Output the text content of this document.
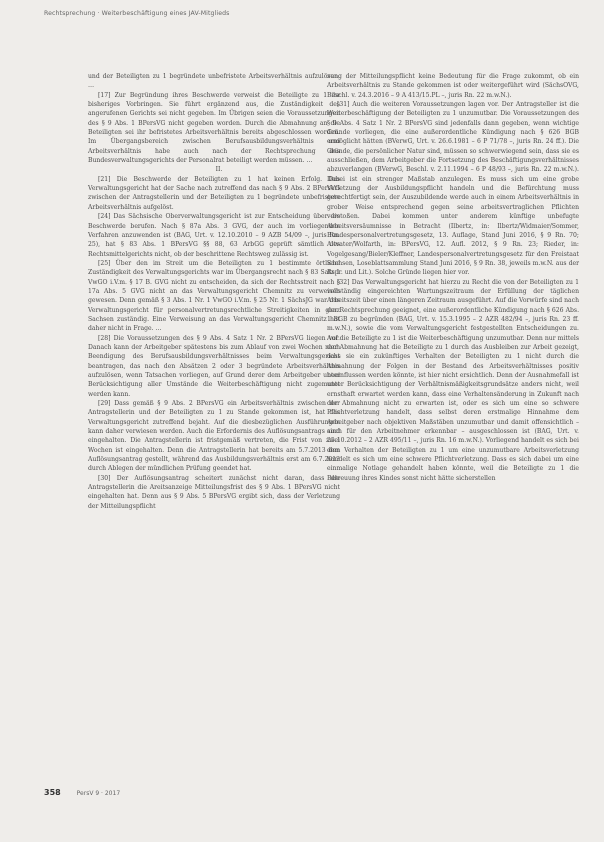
Rechtsprechung · Weiterbeschäftigung eines JAV-Mitglieds

und der Beteiligten zu 1 begründete unbefristete Arbeitsverhältnis aufzulösen. …

[17] Zur Begründung ihres Beschwerde verweist die Beteiligte zu 1 ihr bisheriges Vorbringen. Sie führt ergänzend aus, die Zuständigkeit des angerufenen Gerichts sei nicht gegeben. Im Übrigen seien die Voraussetzungen des § 9 Abs. 1 BPersVG nicht gegeben worden. Durch die Abmahnung an die Beteiligten sei ihr befristetes Arbeitsverhältnis bereits abgeschlossen worden. Im Übergangsbereich zwischen Berufsausbildungsverhältnis und Arbeitsverhältnis habe auch nach der Rechtsprechung des Bundesverwaltungsgerichts der Personalrat beteiligt werden müssen. …

II.

[21] Die Beschwerde der Beteiligten zu 1 hat keinen Erfolg. Das Verwaltungsgericht hat der Sache nach zutreffend das nach § 9 Abs. 2 BPersVG zwischen der Antragstellerin und der Beteiligten zu 1 begründete unbefristete Arbeitsverhältnis aufgelöst.

[24] Das Sächsische Oberverwaltungsgericht ist zur Entscheidung über die Beschwerde berufen. Nach § 87a Abs. 3 GVG, der auch im vorliegenden Verfahren anzuwenden ist (BAG, Urt. v. 12.10.2010 – 9 AZB 54/09 –, juris Rn. 25), hat § 83 Abs. 1 BPersVG §§ 88, 63 ArbGG geprüft sämtlich des Rechtsmittelgerichts nicht, ob der beschrittene Rechtsweg zulässig ist.

[25] Über den im Streit um die Beteiligten zu 1 bestimmte örtliche Zuständigkeit des Verwaltungsgerichts war im Übergangsrecht nach § 83 Satz 1 VwGO i.V.m. § 17 B. GVG nicht zu entscheiden, da sich der Rechtsstreit nach § 17a Abs. 5 GVG nicht an das Verwaltungsgericht Chemnitz zu verweisen gewesen. Denn gemäß § 3 Abs. 1 Nr. 1 VwGO i.V.m. § 25 Nr. 1 SächsJG war das Verwaltungsgericht für personalvertretungsrechtliche Streitigkeiten in ganz Sachsen zuständig. Eine Verweisung an das Verwaltungsgericht Chemnitz hat daher nicht in Frage. …

[28] Die Voraussetzungen des § 9 Abs. 4 Satz 1 Nr. 2 BPersVG liegen vor. Danach kann der Arbeitgeber spätestens bis zum Ablauf von zwei Wochen nach Beendigung des Berufsausbildungsverhältnisses beim Verwaltungsgericht beantragen, das nach den Absätzen 2 oder 3 begründete Arbeitsverhältnis aufzulösen, wenn Tatsachen vorliegen, auf Grund derer dem Arbeitgeber unter Berücksichtigung aller Umstände die Weiterbeschäftigung nicht zugemutet werden kann.

[29] Dass gemäß § 9 Abs. 2 BPersVG ein Arbeitsverhältnis zwischen der Antragstellerin und der Beteiligten zu 1 zu Stande gekommen ist, hat das Verwaltungsgericht zutreffend bejaht. Auf die diesbezüglichen Ausführungen kann daher verwiesen werden. Auch die Erfordernis des Auflösungsantrags sind eingehalten. Die Antragstellerin ist fristgemäß vertreten, die Frist von zwei Wochen ist eingehalten. Denn die Antragstellerin hat bereits am 5.7.2013 den Auflösungsantrag gestellt, während das Ausbildungsverhältnis erst am 6.7.2013 durch Ablegen der mündlichen Prüfung geendet hat.

[30] Der Auflösungsantrag scheitert zunächst nicht daran, dass die Antragstellerin die Areitsanzeige Mitteilungsfrist des § 9 Abs. 1 BPersVG nicht eingehalten hat. Denn aus § 9 Abs. 5 BPersVG ergibt sich, dass der Verletzung der Mitteilungspflicht

zung der Mitteilungspflicht keine Bedeutung für die Frage zukommt, ob ein Arbeitsverhältnis zu Stande gekommen ist oder weitergeführt wird (SächsOVG, Beschl. v. 24.3.2016 – 9 A 413/15.PL –, juris Rn. 22 m.w.N.).

[31] Auch die weiteren Voraussetzungen lagen vor. Der Antragsteller ist die Weiterbeschäftigung der Beteiligten zu 1 unzumutbar. Die Voraussetzungen des § 9 Abs. 4 Satz 1 Nr. 2 BPersVG sind jedenfalls dann gegeben, wenn wichtige Gründe vorliegen, die eine außerordentliche Kündigung nach § 626 BGB ermöglicht hätten (BVerwG, Urt. v. 26.6.1981 – 6 P 71/78 –, juris Rn. 24 ff.). Die Gründe, die persönlicher Natur sind, müssen so schwerwiegend sein, dass sie es ausschließen, dem Arbeitgeber die Fortsetzung des Beschäftigungsverhältnisses abzuverlangen (BVerwG, Beschl. v. 2.11.1994 – 6 P 48/93 –, juris Rn. 22 m.w.N.). Dabei ist ein strenger Maßstab anzulegen. Es muss sich um eine grobe Verletzung der Ausbildungspflicht handeln und die Befürchtung muss gerechtfertigt sein, der Auszubildende werde auch in einem Arbeitsverhältnis in grober Weise entsprechend gegen seine arbeitsvertraglichen Pflichten verstoßen. Dabei kommen unter anderem künftige unbefugte Arbeitsversäumnisse in Betracht (Ilbertz, in: Ilbertz/Widmaier/Sommer, Bundespersonalvertretungsgesetz, 13. Auflage, Stand Juni 2016, § 9 Rn. 70; Altvater/Wolfarth, in: BPersVG, 12. Aufl. 2012, § 9 Rn. 23; Rieder, in: Vogelgesang/Bieler/Kleffner, Landespersonalvertretungsgesetz für den Freistaat Sachsen, Loseblattsammlung Stand Juni 2016, § 9 Rn. 38, jeweils m.w.N. aus der Rspr. und Lit.). Solche Gründe liegen hier vor.

[32] Das Verwaltungsgericht hat hierzu zu Recht die von der Beteiligten zu 1 vollständig eingereichten Wartungszeitraum der Erfüllung der täglichen Arbeitszeit über einen längeren Zeitraum ausgeführt. Auf die Vorwürfe sind nach der Rechtsprechung geeignet, eine außerordentliche Kündigung nach § 626 Abs. 1 BGB zu begründen (BAG, Urt. v. 15.3.1995 – 2 AZR 482/94 –, juris Rn. 23 ff. m.w.N.), sowie die vom Verwaltungsgericht festgestellten Entscheidungen zu. Auf die Beteiligte zu 1 ist die Weiterbeschäftigung unzumutbar. Denn nur mittels der Abmahnung hat die Beteiligte zu 1 durch das Ausbleiben zur Arbeit gezeigt, dass sie ein zukünftiges Verhalten der Beteiligten zu 1 nicht durch die Abmahnung der Folgen in der Bestand des Arbeitsverhältnisses positiv beeinflussen werden könnte, ist hier nicht ersichtlich. Denn der Ausnahmefall ist unter Berücksichtigung der Verhältnismäßigkeitsgrundsätze anders nicht, weil ernsthaft erwartet werden kann, dass eine Verhaltensänderung in Zukunft nach der Abmahnung nicht zu erwarten ist, oder es sich um eine so schwere Pflichtverletzung handelt, dass selbst deren erstmalige Hinnahme dem Arbeitgeber nach objektiven Maßstäben unzumutbar und damit offensichtlich – auch für den Arbeitnehmer erkennbar – ausgeschlossen ist (BAG, Urt. v. 25.10.2012 – 2 AZR 495/11 –, juris Rn. 16 m.w.N.). Vorliegend handelt es sich bei dem Verhalten der Beteiligten zu 1 um eine unzumutbare Arbeitsverletzung handelt es sich um eine schwere Pflichtverletzung. Dass es sich dabei um eine einmalige Notlage gehandelt haben könnte, weil die Beteiligte zu 1 die Betreuung ihres Kindes sonst nicht hätte sicherstellen

358	PersV 9 · 2017
